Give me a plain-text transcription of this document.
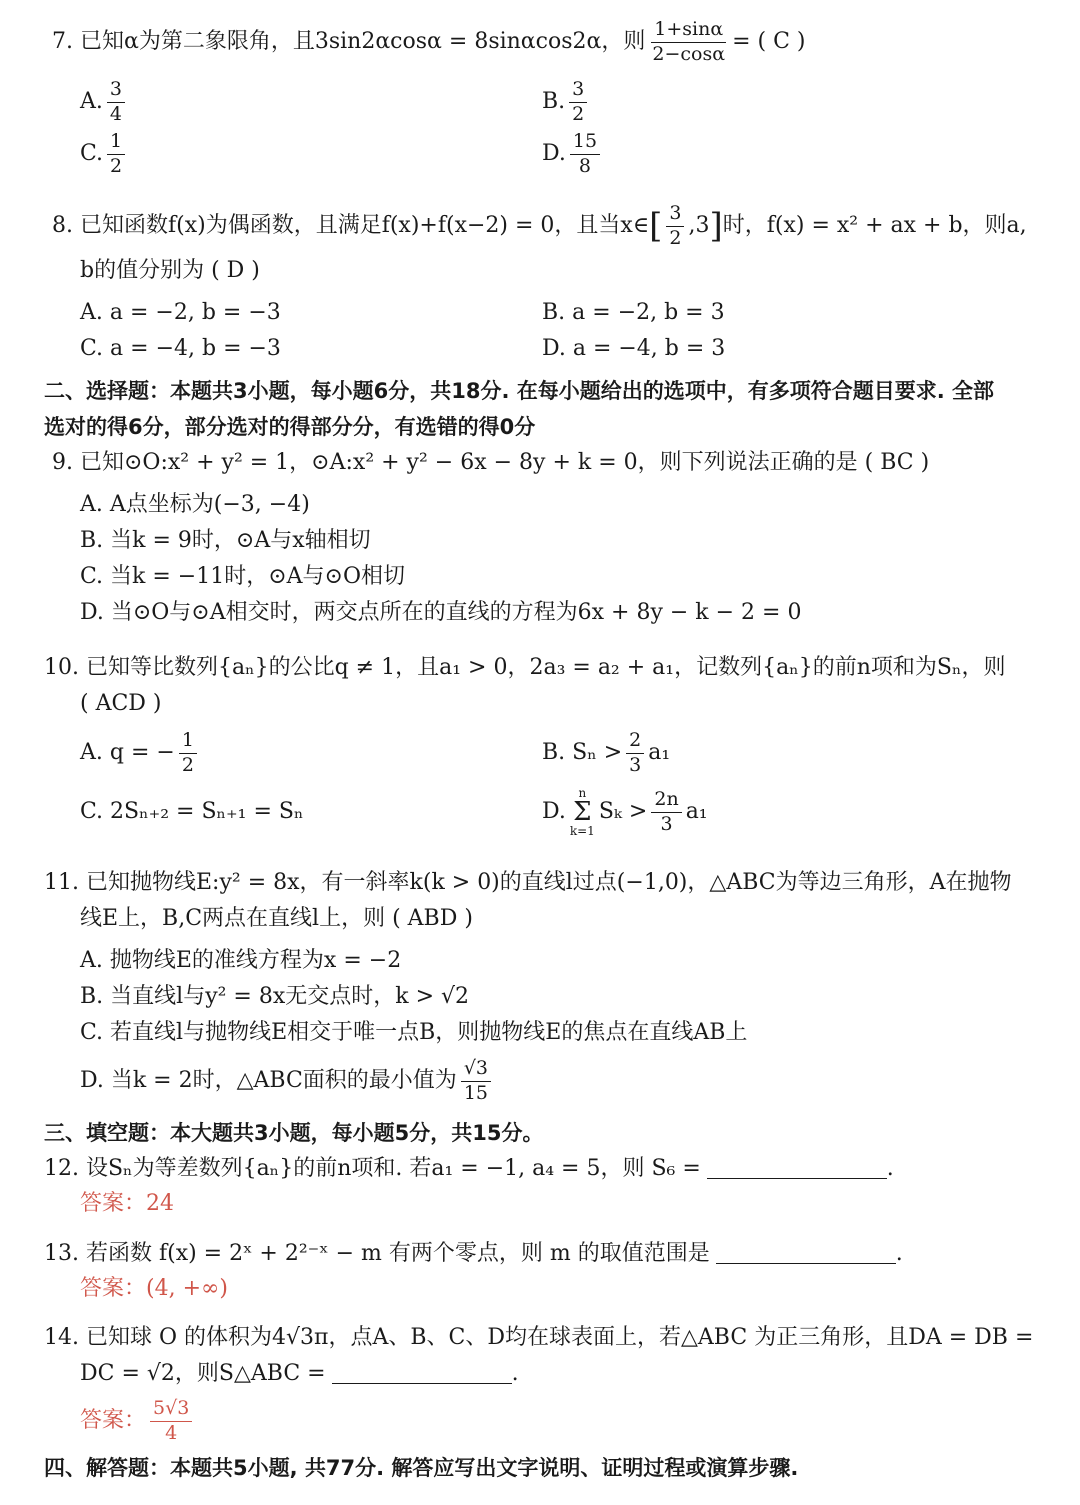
7. 已知α为第二象限角，且3sin2αcosα = 8sinαcos2α，则 $\frac{1+\sin\alpha}{2-\cos\alpha}$ = ( C )
A. $\frac{3}{4}$	B. $\frac{3}{2}$
C. $\frac{1}{2}$	D. $\frac{15}{8}$
8. 已知函数f(x)为偶函数，且满足f(x)+f(x−2) = 0，且当x∈ [ $\frac{3}{2} ,3$ ] 时，f(x) = x² + ax + b，则a,
b的值分别为 ( D )
A. a = −2, b = −3	B. a = −2, b = 3
C. a = −4, b = −3	D. a = −4, b = 3
二、选择题：本题共3小题，每小题6分，共18分. 在每小题给出的选项中，有多项符合题目要求. 全部
选对的得6分，部分选对的得部分分，有选错的得0分
9. 已知⊙O:x² + y² = 1，⊙A:x² + y² − 6x − 8y + k = 0，则下列说法正确的是 ( BC )
A. A点坐标为(−3, −4)
B. 当k = 9时，⊙A与x轴相切
C. 当k = −11时，⊙A与⊙O相切
D. 当⊙O与⊙A相交时，两交点所在的直线的方程为6x + 8y − k − 2 = 0
10. 已知等比数列{aₙ}的公比q ≠ 1，且a₁ > 0，2a₃ = a₂ + a₁，记数列{aₙ}的前n项和为Sₙ，则
( ACD )
A. q = − $\frac{1}{2}$	B. $S_n > \frac{2}{3} a_1$
C. 2Sₙ₊₂ = Sₙ₊₁ = Sₙ	D.
n
Σ
k=1
$S_k > \frac{2n}{3} a_1$
11. 已知抛物线E:y² = 8x，有一斜率k(k > 0)的直线l过点(−1,0)，△ABC为等边三角形，A在抛物
线E上，B,C两点在直线l上，则 ( ABD )
A. 抛物线E的准线方程为x = −2
B. 当直线l与y² = 8x无交点时，k > √2
C. 若直线l与抛物线E相交于唯一点B，则抛物线E的焦点在直线AB上
D. 当k = 2时，△ABC面积的最小值为 $\frac{√3}{15}$
三、填空题：本大题共3小题，每小题5分，共15分。
12. 设Sₙ为等差数列{aₙ}的前n项和. 若a₁ = −1, a₄ = 5，则 S₆ =	.
答案：24
13. 若函数 f(x) = 2ˣ + 2²⁻ˣ − m 有两个零点，则 m 的取值范围是	.
答案：(4, +∞)
14. 已知球 O 的体积为4√3π，点A、B、C、D均在球表面上，若△ABC 为正三角形，且DA = DB =
DC = √2，则S△ABC =	.
答案： $\frac{5√3}{4}$
四、解答题：本题共5小题, 共77分. 解答应写出文字说明、证明过程或演算步骤.
